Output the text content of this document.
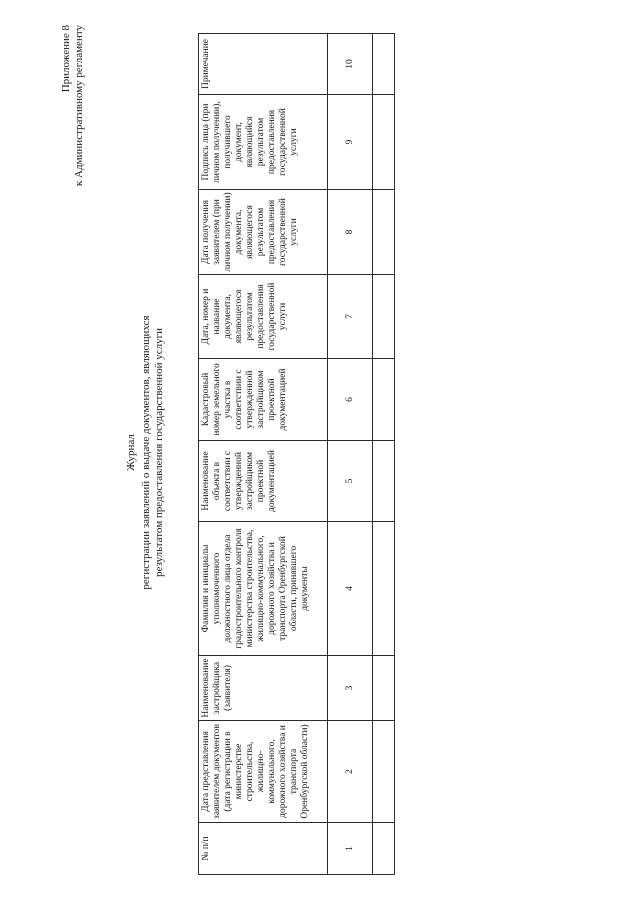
Приложение 8 к Административному регламенту
Журнал регистрации заявлений о выдаче документов, являющихся результатом предоставления государственной услуги
№ п/п	Дата представления заявителем документов (дата регистрации в министерстве строительства, жилищно-коммунального, дорожного хозяйства и транспорта Оренбургской области)	Наименование застройщика (заявителя)	Фамилия и инициалы уполномоченного должностного лица отдела градостроительного контроля министерства строительства, жилищно-коммунального, дорожного хозяйства и транспорта Оренбургской области, принявшего документы	Наименование объекта в соответствии с утвержденной застройщиком проектной документацией	Кадастровый номер земельного участка в соответствии с утвержденной застройщиком проектной документацией	Дата, номер и название документа, являющегося результатом предоставления государственной услуги	Дата получения заявителем (при личном получении) документа, являющегося результатом предоставления государственной услуги	Подпись лица (при личном получении), получившего документ, являющийся результатом предоставления государственной услуги	Примечание
1	2	3	4	5	6	7	8	9	10
